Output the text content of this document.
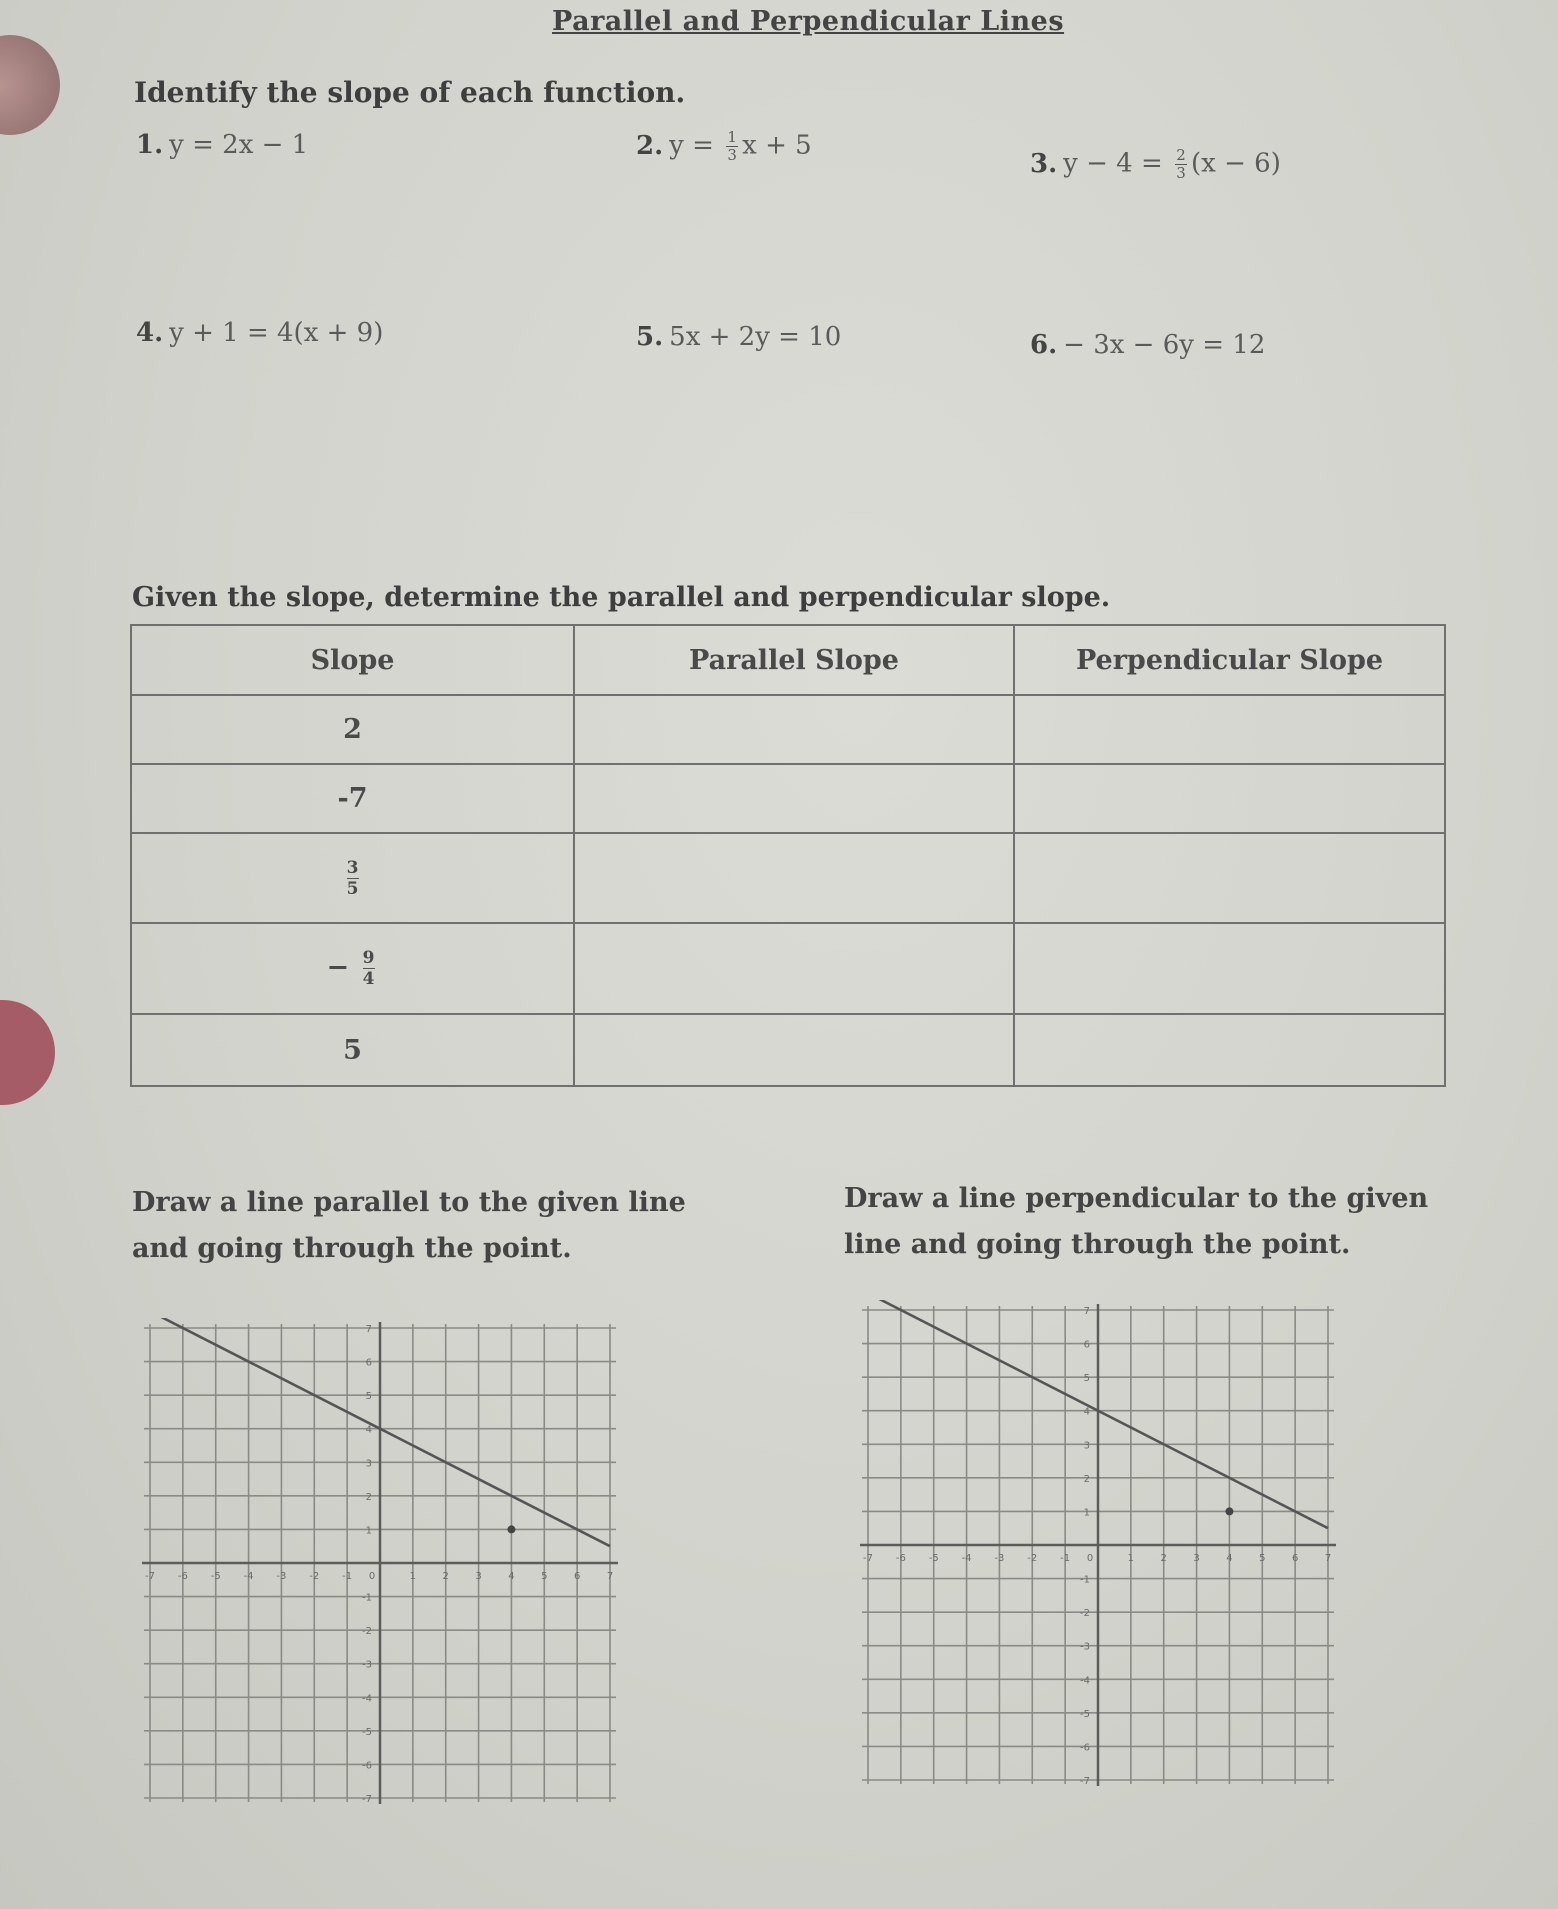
Parallel and Perpendicular Lines
Identify the slope of each function.
1. y = 2x − 1	2. $y = \frac{1}{3}$ x + 5
3. $y - 4 = \frac{2}{3} (x - 6)$
4. y + 1 = 4(x + 9)	5. 5x + 2y = 10	6. − 3x − 6y = 12
Given the slope, determine the parallel and perpendicular slope.
Slope	Parallel Slope	Perpendicular Slope
2		
-7		

$\frac{3}{5}$

− $\frac{9}{4}$

5		
Draw a line parallel to the given line
and going through the point.
Draw a line perpendicular to the given
line and going through the point.
-7 -6 -5 -4 -3 -2 -1 0	1	2	3	4	5	6	7
7
6
5
4
3
2
1
-1
-2
-3
-4
-5
-6
-7
-7 -6 -5 -4 -3 -2 -1 0	1	2	3	4	5	6	7
7
6
5
4
3
2
1
-1
-2
-3
-4
-5
-6
-7
